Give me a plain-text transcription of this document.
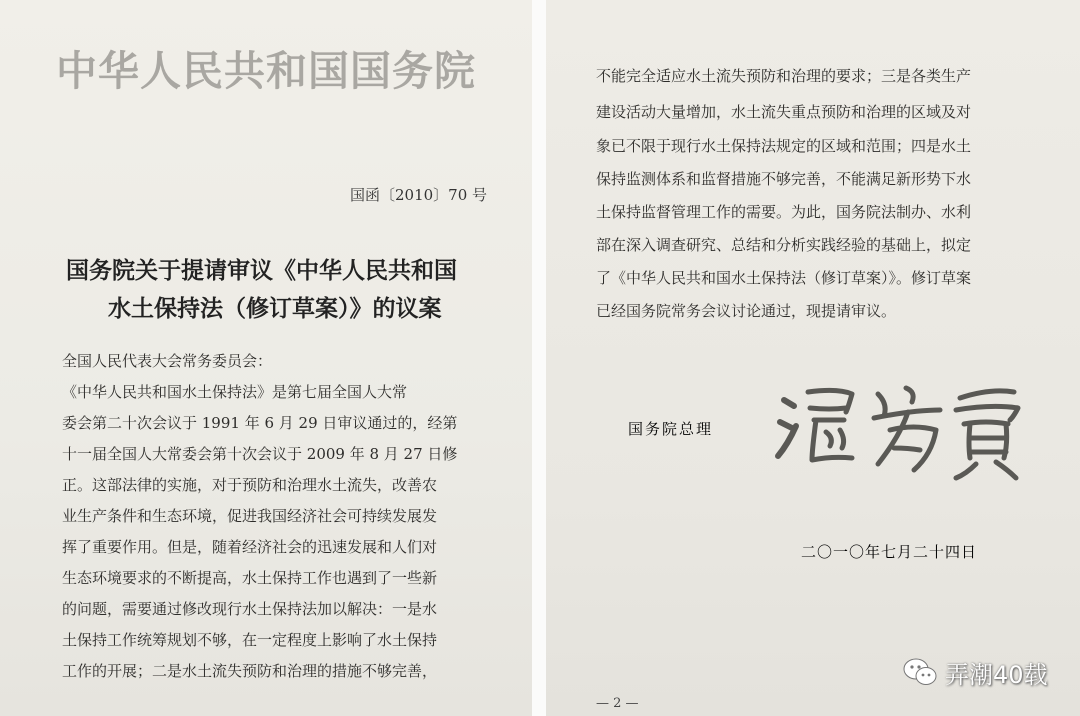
中华人民共和国国务院
国函〔2010〕70 号
国务院关于提请审议《中华人民共和国
水土保持法（修订草案）》的议案
全国人民代表大会常务委员会：
《中华人民共和国水土保持法》是第七届全国人大常
委会第二十次会议于 1991 年 6 月 29 日审议通过的，经第
十一届全国人大常委会第十次会议于 2009 年 8 月 27 日修
正。这部法律的实施，对于预防和治理水土流失，改善农
业生产条件和生态环境，促进我国经济社会可持续发展发
挥了重要作用。但是，随着经济社会的迅速发展和人们对
生态环境要求的不断提高，水土保持工作也遇到了一些新
的问题，需要通过修改现行水土保持法加以解决：一是水
土保持工作统筹规划不够，在一定程度上影响了水土保持
工作的开展；二是水土流失预防和治理的措施不够完善，
不能完全适应水土流失预防和治理的要求；三是各类生产
建设活动大量增加，水土流失重点预防和治理的区域及对
象已不限于现行水土保持法规定的区域和范围；四是水土
保持监测体系和监督措施不够完善，不能满足新形势下水
土保持监督管理工作的需要。为此，国务院法制办、水利
部在深入调查研究、总结和分析实践经验的基础上，拟定
了《中华人民共和国水土保持法（修订草案）》。修订草案
已经国务院常务会议讨论通过，现提请审议。
国务院总理
二〇一〇年七月二十四日
— 2 —
弄潮40载
